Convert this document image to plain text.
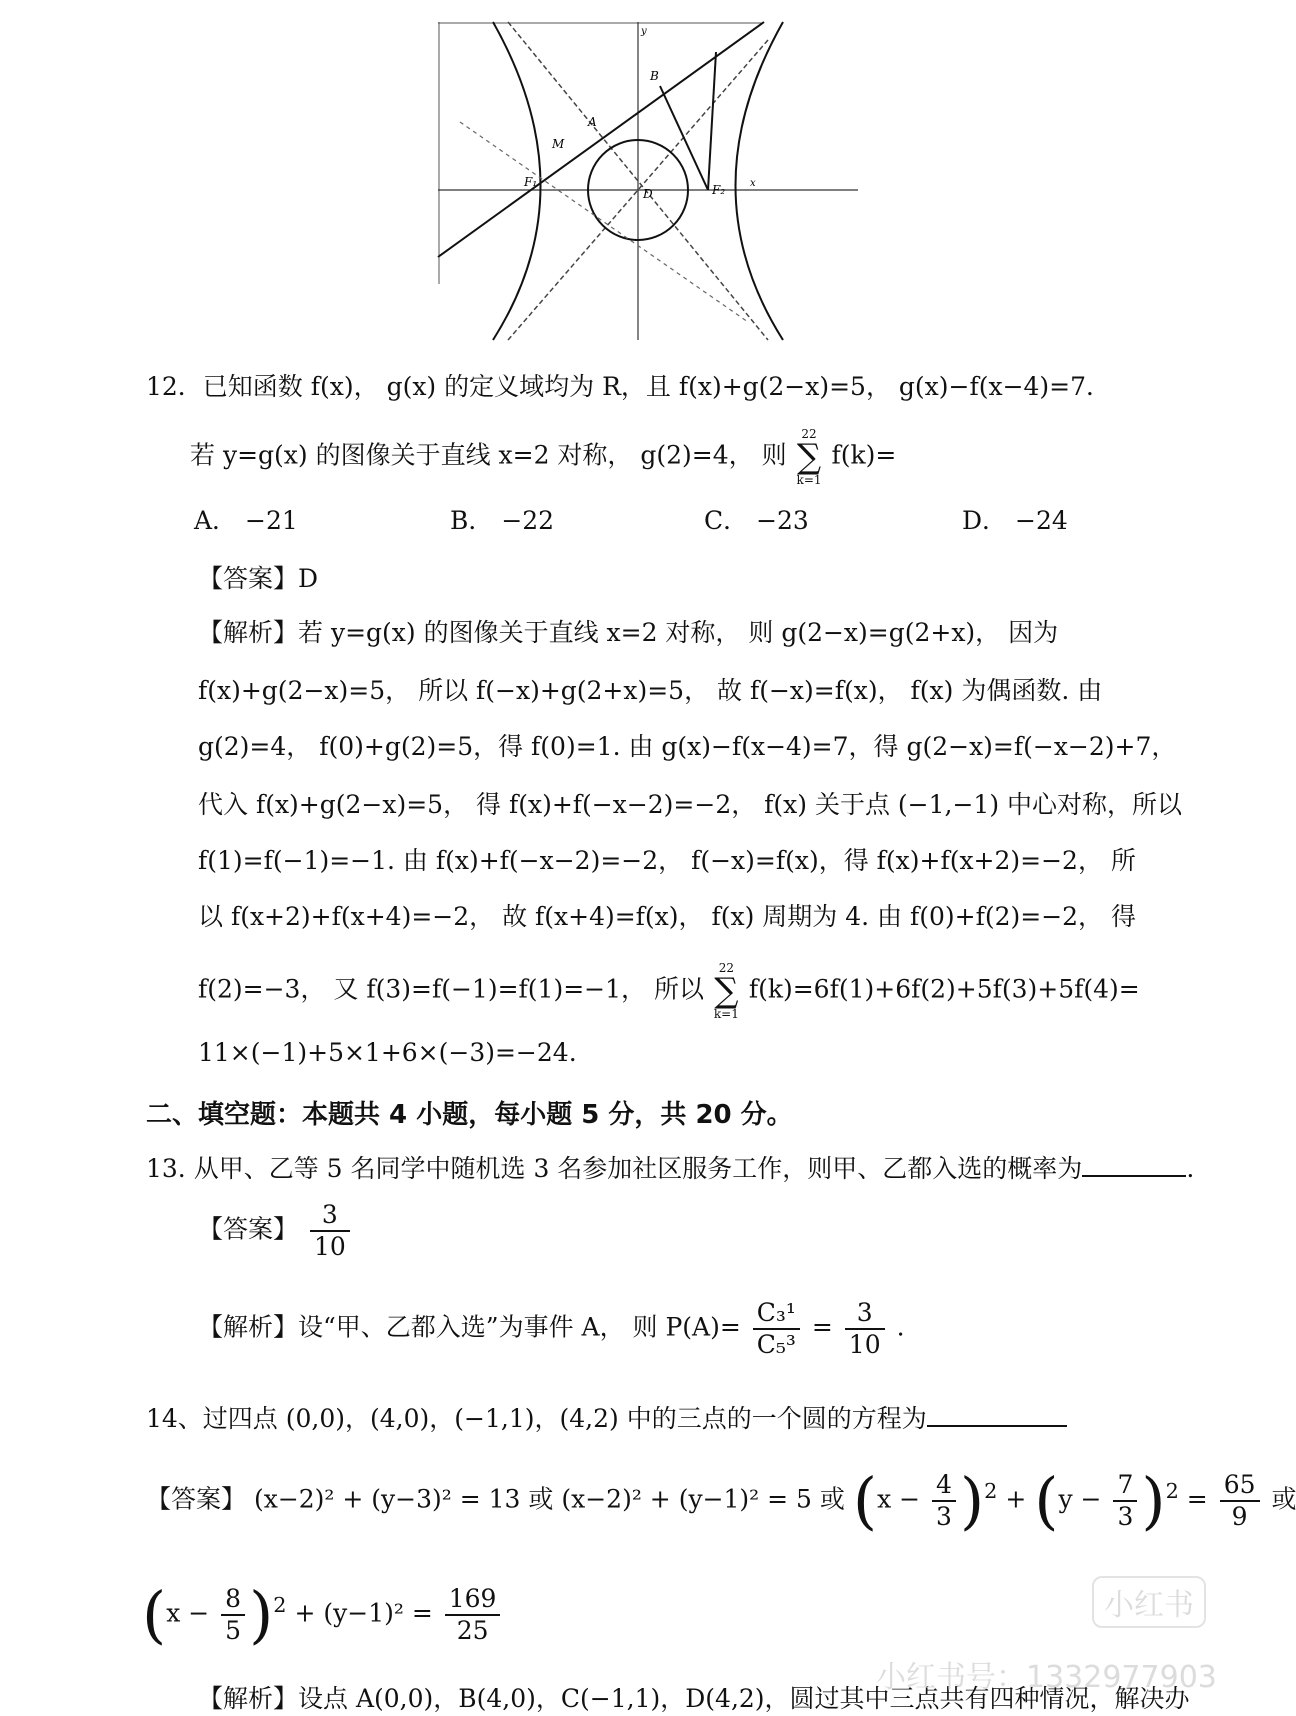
B
A
M
F₁
D	F₂
y
x
12．已知函数 f(x)， g(x) 的定义域均为 R，且 f(x)+g(2−x)=5， g(x)−f(x−4)=7．
若 y=g(x) 的图像关于直线 x=2 对称， g(2)=4， 则 22
∑
k=1 f(k)=
A． −21	B． −22	C． −23	D． −24
【答案】D
【解析】若 y=g(x) 的图像关于直线 x=2 对称， 则 g(2−x)=g(2+x)， 因为
f(x)+g(2−x)=5， 所以 f(−x)+g(2+x)=5， 故 f(−x)=f(x)， f(x) 为偶函数. 由
g(2)=4， f(0)+g(2)=5，得 f(0)=1. 由 g(x)−f(x−4)=7，得 g(2−x)=f(−x−2)+7，
代入 f(x)+g(2−x)=5， 得 f(x)+f(−x−2)=−2， f(x) 关于点 (−1,−1) 中心对称，所以
f(1)=f(−1)=−1. 由 f(x)+f(−x−2)=−2， f(−x)=f(x)，得 f(x)+f(x+2)=−2， 所
以 f(x+2)+f(x+4)=−2， 故 f(x+4)=f(x)， f(x) 周期为 4. 由 f(0)+f(2)=−2， 得
f(2)=−3， 又 f(3)=f(−1)=f(1)=−1， 所以 22
∑
k=1 f(k)=6f(1)+6f(2)+5f(3)+5f(4)=
11×(−1)+5×1+6×(−3)=−24.
二、填空题：本题共 4 小题，每小题 5 分，共 20 分。
13. 从甲、乙等 5 名同学中随机选 3 名参加社区服务工作，则甲、乙都入选的概率为	.
【答案】 $\frac{3}{10}$
【解析】设“甲、乙都入选”为事件 A， 则 $P(A)= \frac{\text{C₃¹}}{\text{C₅³}} = \frac{3}{10}$ .
14、过四点 (0,0)，(4,0)，(−1,1)，(4,2) 中的三点的一个圆的方程为
【答案】 (x−2)² + (y−3)² = 13 或 (x−2)² + (y−1)² = 5 或 $(x - \frac{4}{3} )^2 + (y - \frac{7}{3} )^2 = \frac{65}{9}$ 或
$(x - \frac{8}{5} )^2 + (y-1)^2 = \frac{169}{25}$
【解析】设点 A(0,0)，B(4,0)，C(−1,1)，D(4,2)，圆过其中三点共有四种情况，解决办
小红书
小红书号：1332977903
